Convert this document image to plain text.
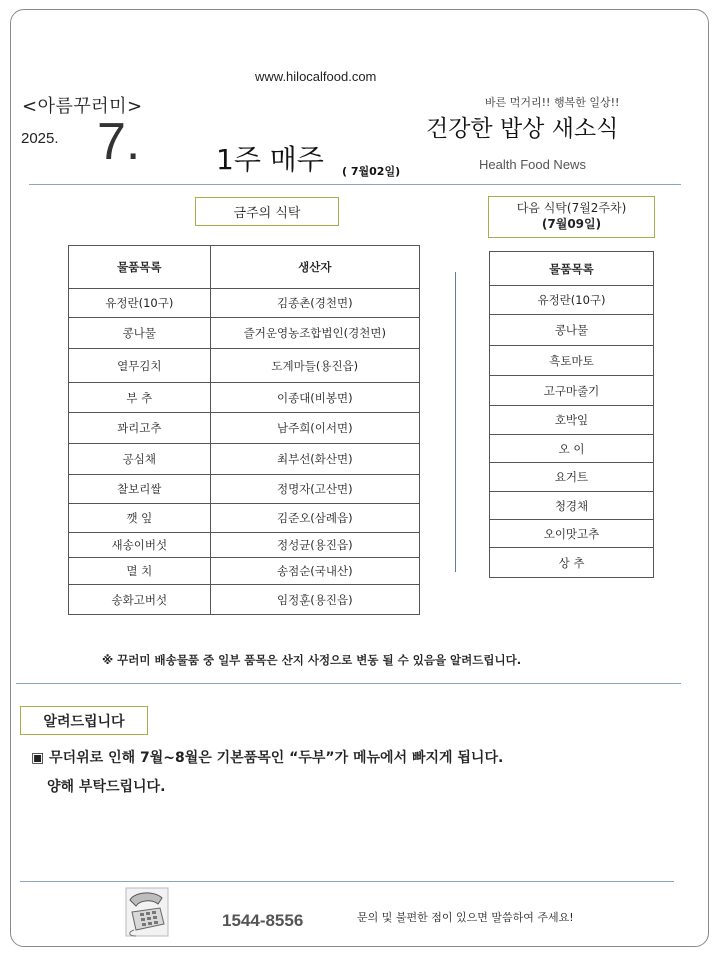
www.hilocalfood.com
<아름꾸러미>
2025. 7.	1주 매주 ( 7월02일)
바른 먹거리!! 행복한 일상!!
건강한 밥상 새소식
Health Food News
금주의 식탁	다음 식탁(7월2주차)
(7월09일)
물품목록	생산자
유정란(10구)	김종촌(경천면)
콩나물	즐거운영농조합법인(경천면)
열무김치	도계마들(용진읍)
부 추	이종대(비봉면)
꽈리고추	남주희(이서면)
공심채	최부선(화산면)
찰보리쌀	정명자(고산면)
깻 잎	김준오(삼례읍)
새송이버섯	정성균(용진읍)
멸 치	송점순(국내산)
송화고버섯	임정훈(용진읍)
물품목록
유정란(10구)
콩나물
흑토마토
고구마줄기
호박잎
오 이
요거트
청경채
오이맛고추
상 추
※ 꾸러미 배송물품 중 일부 품목은 산지 사정으로 변동 될 수 있음을 알려드립니다.
알려드립니다
▣ 무더위로 인해 7월~8월은 기본품목인 “두부”가 메뉴에서 빠지게 됩니다.
양해 부탁드립니다.
1544-8556	문의 및 불편한 점이 있으면 말씀하여 주세요!
